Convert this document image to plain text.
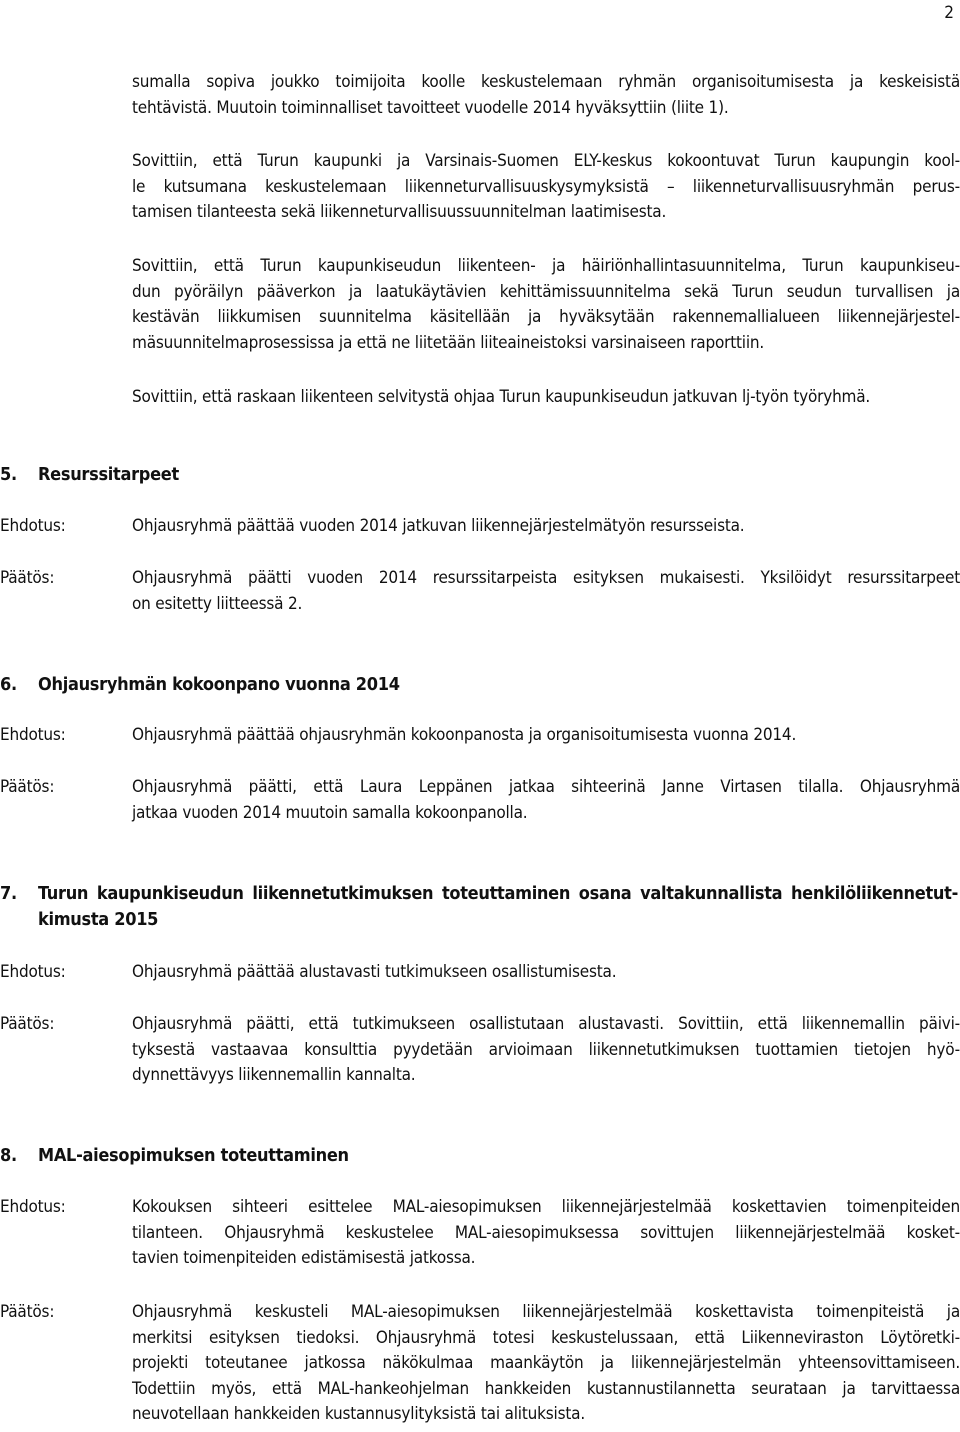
2
sumalla sopiva joukko toimijoita koolle keskustelemaan ryhmän organisoitumisesta ja keskeisistä
tehtävistä. Muutoin toiminnalliset tavoitteet vuodelle 2014 hyväksyttiin (liite 1).
Sovittiin, että Turun kaupunki ja Varsinais-Suomen ELY-keskus kokoontuvat Turun kaupungin kool-
le kutsumana keskustelemaan liikenneturvallisuuskysymyksistä – liikenneturvallisuusryhmän perus-
tamisen tilanteesta sekä liikenneturvallisuussuunnitelman laatimisesta.
Sovittiin, että Turun kaupunkiseudun liikenteen- ja häiriönhallintasuunnitelma, Turun kaupunkiseu-
dun pyöräilyn pääverkon ja laatukäytävien kehittämissuunnitelma sekä Turun seudun turvallisen ja
kestävän liikkumisen suunnitelma käsitellään ja hyväksytään rakennemallialueen liikennejärjestel-
mäsuunnitelmaprosessissa ja että ne liitetään liiteaineistoksi varsinaiseen raporttiin.
Sovittiin, että raskaan liikenteen selvitystä ohjaa Turun kaupunkiseudun jatkuvan lj-työn työryhmä.
5. Resurssitarpeet
Ehdotus:	Ohjausryhmä päättää vuoden 2014 jatkuvan liikennejärjestelmätyön resursseista.
Päätös:	Ohjausryhmä päätti vuoden 2014 resurssitarpeista esityksen mukaisesti. Yksilöidyt resurssitarpeet
on esitetty liitteessä 2.
6. Ohjausryhmän kokoonpano vuonna 2014
Ehdotus:	Ohjausryhmä päättää ohjausryhmän kokoonpanosta ja organisoitumisesta vuonna 2014.
Päätös:	Ohjausryhmä päätti, että Laura Leppänen jatkaa sihteerinä Janne Virtasen tilalla. Ohjausryhmä
jatkaa vuoden 2014 muutoin samalla kokoonpanolla.
7. Turun kaupunkiseudun liikennetutkimuksen toteuttaminen osana valtakunnallista henkilöliikennetut-
kimusta 2015
Ehdotus:	Ohjausryhmä päättää alustavasti tutkimukseen osallistumisesta.
Päätös:	Ohjausryhmä päätti, että tutkimukseen osallistutaan alustavasti. Sovittiin, että liikennemallin päivi-
tyksestä vastaavaa konsulttia pyydetään arvioimaan liikennetutkimuksen tuottamien tietojen hyö-
dynnettävyys liikennemallin kannalta.
8. MAL-aiesopimuksen toteuttaminen
Ehdotus:	Kokouksen sihteeri esittelee MAL-aiesopimuksen liikennejärjestelmää koskettavien toimenpiteiden
tilanteen. Ohjausryhmä keskustelee MAL-aiesopimuksessa sovittujen liikennejärjestelmää kosket-
tavien toimenpiteiden edistämisestä jatkossa.
Päätös:	Ohjausryhmä keskusteli MAL-aiesopimuksen liikennejärjestelmää koskettavista toimenpiteistä ja
merkitsi esityksen tiedoksi. Ohjausryhmä totesi keskustelussaan, että Liikenneviraston Löytöretki-
projekti toteutanee jatkossa näkökulmaa maankäytön ja liikennejärjestelmän yhteensovittamiseen.
Todettiin myös, että MAL-hankeohjelman hankkeiden kustannustilannetta seurataan ja tarvittaessa
neuvotellaan hankkeiden kustannusylityksistä tai alituksista.
